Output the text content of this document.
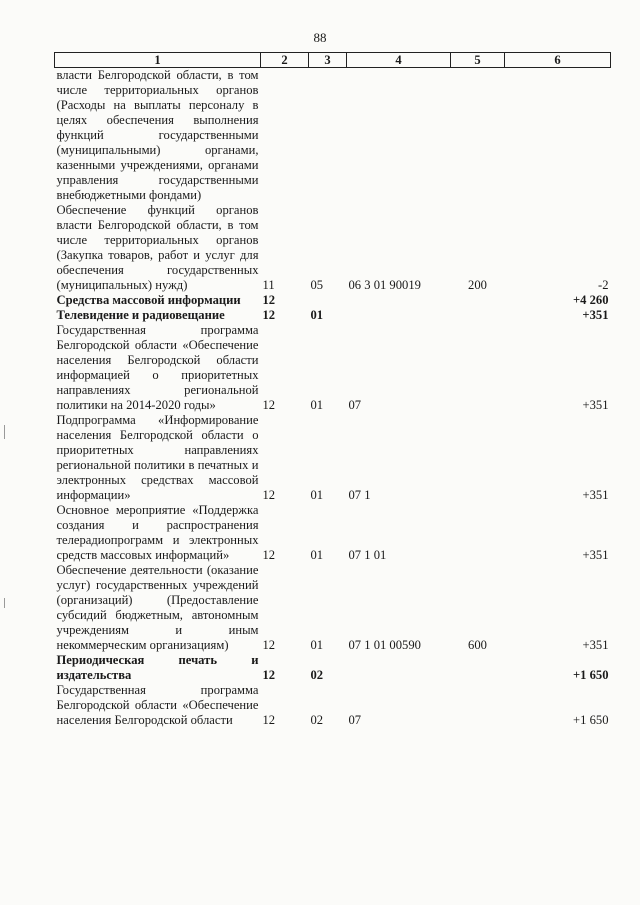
88
1	2	3	4	5	6
власти Белгородской области, в том числе территориальных органов (Расходы на выплаты персоналу в целях обеспечения выполнения функций государственными (муниципальными) органами, казенными учреждениями, органами управления государственными внебюджетными фондами)					
Обеспечение функций органов власти Белгородской области, в том числе территориальных органов (Закупка товаров, работ и услуг для обеспечения государственных (муниципальных) нужд)	11	05	06 3 01 90019	200	-2
Средства массовой информации	12				+4 260
Телевидение и радиовещание	12	01			+351
Государственная программа Белгородской области «Обеспечение населения Белгородской области информацией о приоритетных направлениях региональной политики на 2014-2020 годы»	12	01	07		+351
Подпрограмма «Информирование населения Белгородской области о приоритетных направлениях региональной политики в печатных и электронных средствах массовой информации»	12	01	07 1		+351
Основное мероприятие «Поддержка создания и распространения телерадиопрограмм и электронных средств массовых информаций»	12	01	07 1 01		+351
Обеспечение деятельности (оказание услуг) государственных учреждений (организаций) (Предоставление субсидий бюджетным, автономным учреждениям и иным некоммерческим организациям)	12	01	07 1 01 00590	600	+351
Периодическая печать и издательства	12	02			+1 650
Государственная программа Белгородской области «Обеспечение населения Белгородской области	12	02	07		+1 650
